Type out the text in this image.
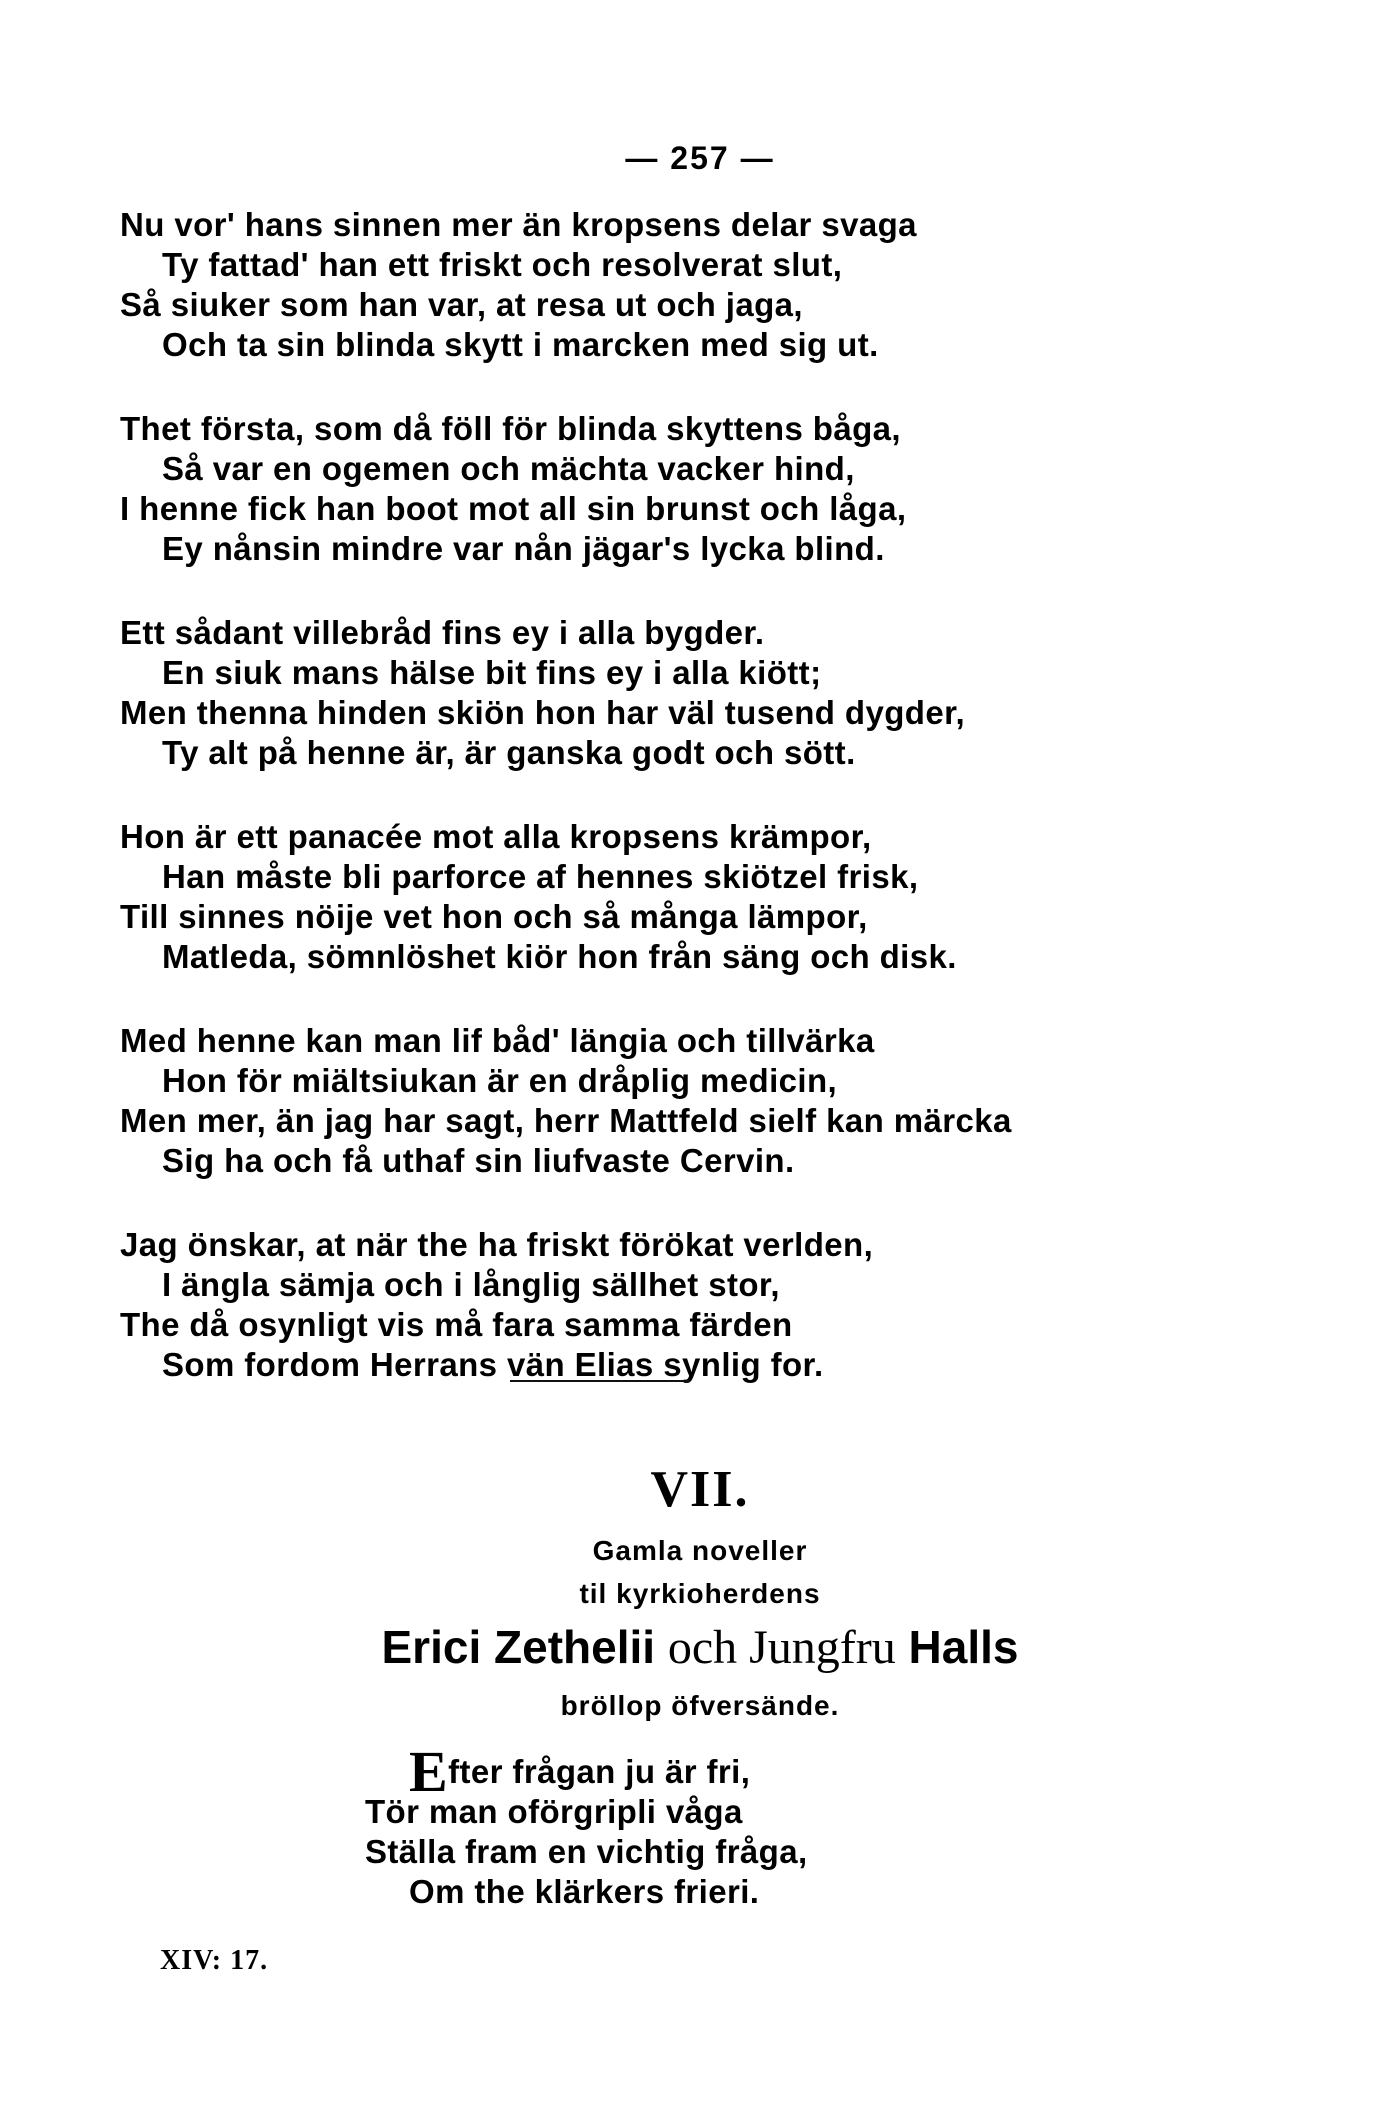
— 257 —
Nu vor' hans sinnen mer än kropsens delar svaga
Ty fattad' han ett friskt och resolverat slut,
Så siuker som han var, at resa ut och jaga,
Och ta sin blinda skytt i marcken med sig ut.
Thet första, som då föll för blinda skyttens båga,
Så var en ogemen och mächta vacker hind,
I henne fick han boot mot all sin brunst och låga,
Ey nånsin mindre var nån jägar's lycka blind.
Ett sådant villebråd fins ey i alla bygder.
En siuk mans hälse bit fins ey i alla kiött;
Men thenna hinden skiön hon har väl tusend dygder,
Ty alt på henne är, är ganska godt och sött.
Hon är ett panacée mot alla kropsens krämpor,
Han måste bli parforce af hennes skiötzel frisk,
Till sinnes nöije vet hon och så många lämpor,
Matleda, sömnlöshet kiör hon från säng och disk.
Med henne kan man lif båd' längia och tillvärka
Hon för miältsiukan är en dråplig medicin,
Men mer, än jag har sagt, herr Mattfeld sielf kan märcka
Sig ha och få uthaf sin liufvaste Cervin.
Jag önskar, at när the ha friskt förökat verlden,
I ängla sämja och i långlig sällhet stor,
The då osynligt vis må fara samma färden
Som fordom Herrans vän Elias synlig for.
VII.
Gamla noveller
til kyrkioherdens
Erici Zethelii och Jungfru Halls
bröllop öfversände.
Efter frågan ju är fri,
Tör man oförgripli våga
Ställa fram en vichtig fråga,
Om the klärkers frieri.
XIV: 17.
